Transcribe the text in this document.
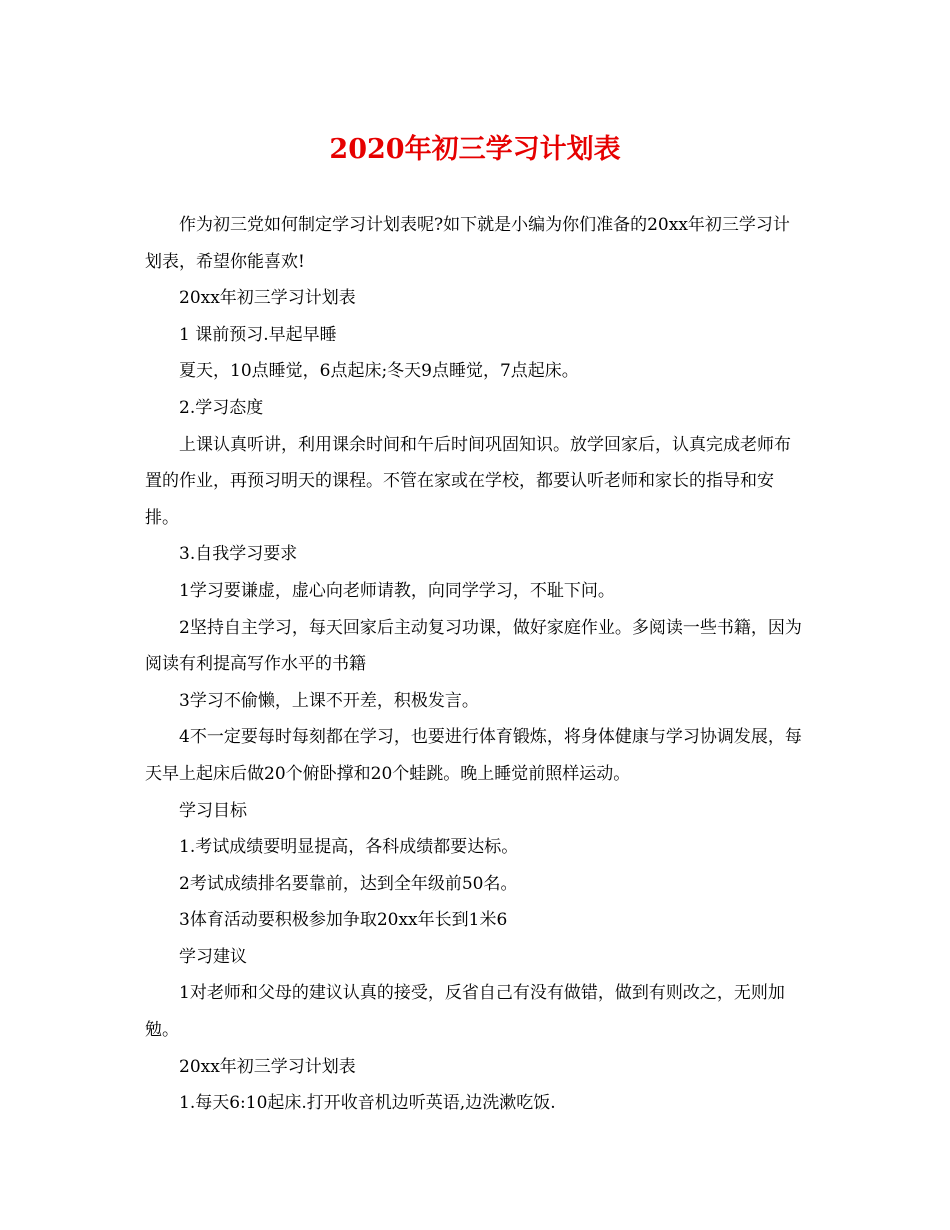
2020年初三学习计划表

作为初三党如何制定学习计划表呢?如下就是小编为你们准备的20xx年初三学习计划表，希望你能喜欢!

20xx年初三学习计划表

1 课前预习.早起早睡

夏天，10点睡觉，6点起床;冬天9点睡觉，7点起床。

2.学习态度

上课认真听讲，利用课余时间和午后时间巩固知识。放学回家后，认真完成老师布置的作业，再预习明天的课程。不管在家或在学校，都要认听老师和家长的指导和安排。

3.自我学习要求

1学习要谦虚，虚心向老师请教，向同学学习，不耻下问。

2坚持自主学习，每天回家后主动复习功课，做好家庭作业。多阅读一些书籍，因为阅读有利提高写作水平的书籍

3学习不偷懒，上课不开差，积极发言。

4不一定要每时每刻都在学习，也要进行体育锻炼，将身体健康与学习协调发展，每天早上起床后做20个俯卧撑和20个蛙跳。晚上睡觉前照样运动。

学习目标

1.考试成绩要明显提高，各科成绩都要达标。

2考试成绩排名要靠前，达到全年级前50名。

3体育活动要积极参加争取20xx年长到1米6

学习建议

1对老师和父母的建议认真的接受，反省自己有没有做错，做到有则改之，无则加勉。

20xx年初三学习计划表

1.每天6:10起床.打开收音机边听英语,边洗漱吃饭.
